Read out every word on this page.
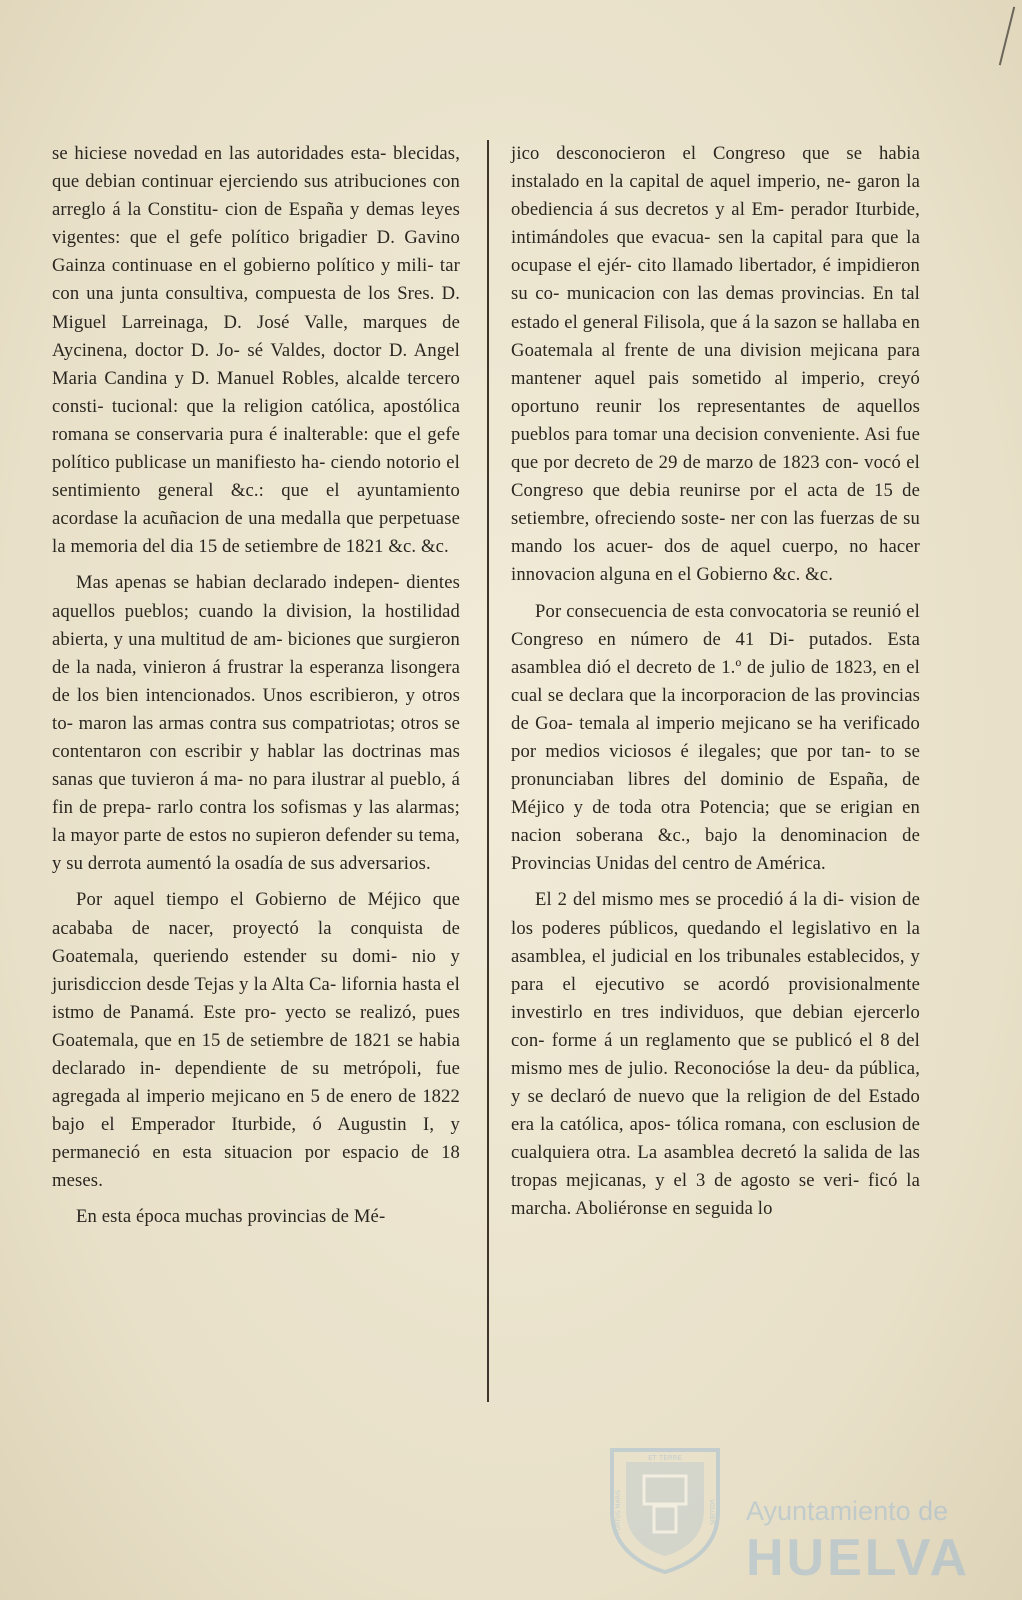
se hiciese novedad en las autoridades esta- blecidas, que debian continuar ejerciendo sus atribuciones con arreglo á la Constitu- cion de España y demas leyes vigentes: que el gefe político brigadier D. Gavino Gainza continuase en el gobierno político y mili- tar con una junta consultiva, compuesta de los Sres. D. Miguel Larreinaga, D. José Valle, marques de Aycinena, doctor D. Jo- sé Valdes, doctor D. Angel Maria Candina y D. Manuel Robles, alcalde tercero consti- tucional: que la religion católica, apostólica romana se conservaria pura é inalterable: que el gefe político publicase un manifiesto ha- ciendo notorio el sentimiento general &c.: que el ayuntamiento acordase la acuñacion de una medalla que perpetuase la memoria del dia 15 de setiembre de 1821 &c. &c.

Mas apenas se habian declarado indepen- dientes aquellos pueblos; cuando la division, la hostilidad abierta, y una multitud de am- biciones que surgieron de la nada, vinieron á frustrar la esperanza lisongera de los bien intencionados. Unos escribieron, y otros to- maron las armas contra sus compatriotas; otros se contentaron con escribir y hablar las doctrinas mas sanas que tuvieron á ma- no para ilustrar al pueblo, á fin de prepa- rarlo contra los sofismas y las alarmas; la mayor parte de estos no supieron defender su tema, y su derrota aumentó la osadía de sus adversarios.

Por aquel tiempo el Gobierno de Méjico que acababa de nacer, proyectó la conquista de Goatemala, queriendo estender su domi- nio y jurisdiccion desde Tejas y la Alta Ca- lifornia hasta el istmo de Panamá. Este pro- yecto se realizó, pues Goatemala, que en 15 de setiembre de 1821 se habia declarado in- dependiente de su metrópoli, fue agregada al imperio mejicano en 5 de enero de 1822 bajo el Emperador Iturbide, ó Augustin I, y permaneció en esta situacion por espacio de 18 meses.

En esta época muchas provincias de Mé-

jico desconocieron el Congreso que se habia instalado en la capital de aquel imperio, ne- garon la obediencia á sus decretos y al Em- perador Iturbide, intimándoles que evacua- sen la capital para que la ocupase el ejér- cito llamado libertador, é impidieron su co- municacion con las demas provincias. En tal estado el general Filisola, que á la sazon se hallaba en Goatemala al frente de una division mejicana para mantener aquel pais sometido al imperio, creyó oportuno reunir los representantes de aquellos pueblos para tomar una decision conveniente. Asi fue que por decreto de 29 de marzo de 1823 con- vocó el Congreso que debia reunirse por el acta de 15 de setiembre, ofreciendo soste- ner con las fuerzas de su mando los acuer- dos de aquel cuerpo, no hacer innovacion alguna en el Gobierno &c. &c.

Por consecuencia de esta convocatoria se reunió el Congreso en número de 41 Di- putados. Esta asamblea dió el decreto de 1.º de julio de 1823, en el cual se declara que la incorporacion de las provincias de Goa- temala al imperio mejicano se ha verificado por medios viciosos é ilegales; que por tan- to se pronunciaban libres del dominio de España, de Méjico y de toda otra Potencia; que se erigian en nacion soberana &c., bajo la denominacion de Provincias Unidas del centro de América.

El 2 del mismo mes se procedió á la di- vision de los poderes públicos, quedando el legislativo en la asamblea, el judicial en los tribunales establecidos, y para el ejecutivo se acordó provisionalmente investirlo en tres individuos, que debian ejercerlo con- forme á un reglamento que se publicó el 8 del mismo mes de julio. Reconocióse la deu- da pública, y se declaró de nuevo que la religion de del Estado era la católica, apos- tólica romana, con esclusion de cualquiera otra. La asamblea decretó la salida de las tropas mejicanas, y el 3 de agosto se veri- ficó la marcha. Aboliéronse en seguida lo

ET TERRE
PORTUS MARIS	VOLUBIS Ayuntamiento de
HUELVA
